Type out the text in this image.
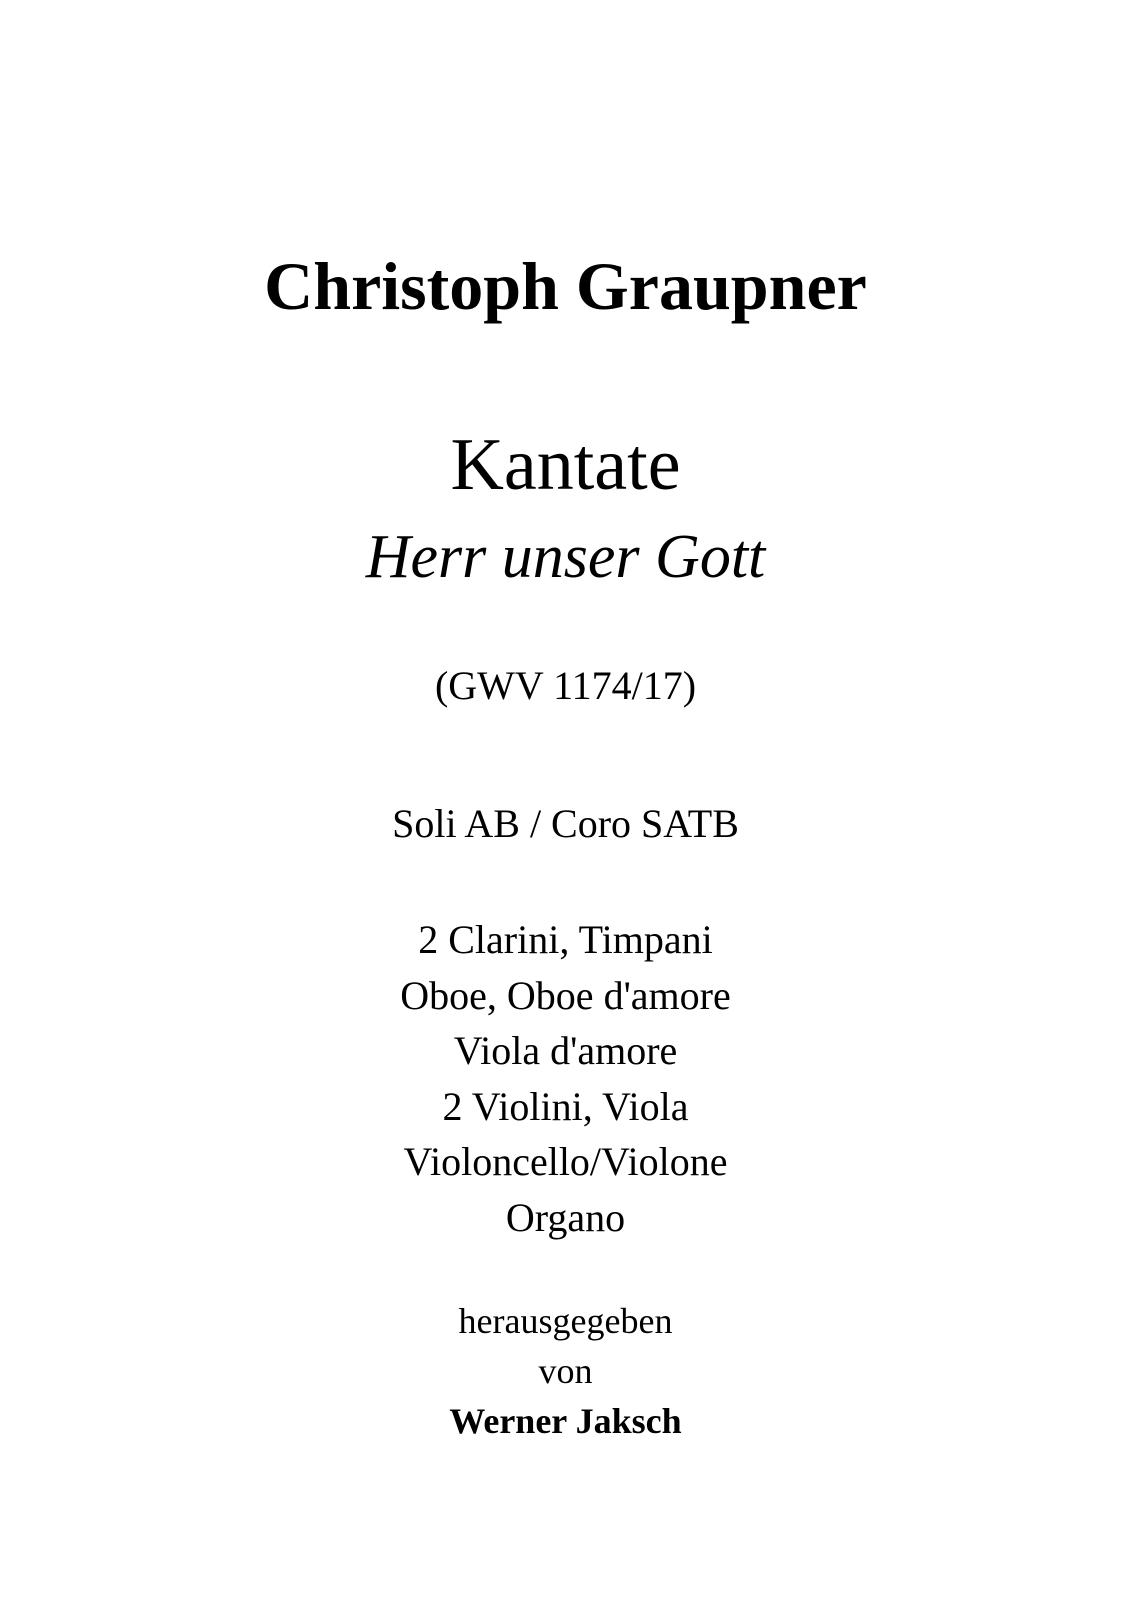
Christoph Graupner
Kantate
Herr unser Gott
(GWV 1174/17)
Soli AB / Coro SATB
2 Clarini, Timpani
Oboe, Oboe d'amore
Viola d'amore
2 Violini, Viola
Violoncello/Violone
Organo
herausgegeben
von
Werner Jaksch
